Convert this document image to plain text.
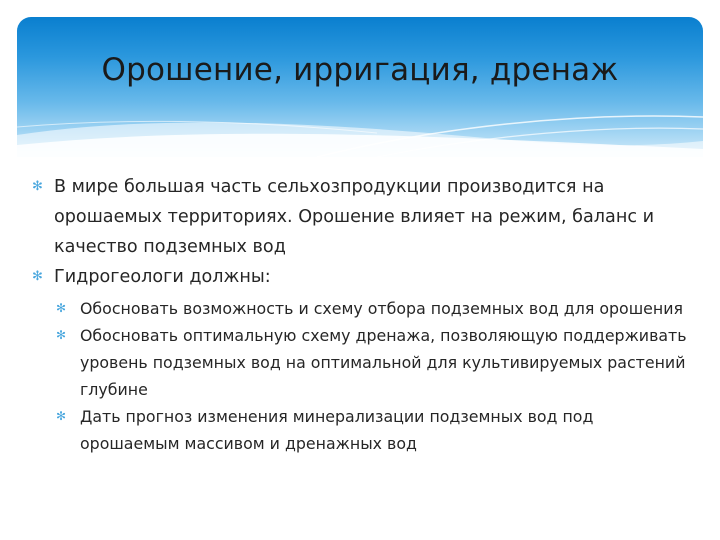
Орошение, ирригация, дренаж
✻ В мире большая часть сельхозпродукции производится на орошаемых территориях. Орошение влияет на режим, баланс и качество подземных вод
✻ Гидрогеологи должны:
✻ Обосновать возможность и схему отбора подземных вод для орошения
✻ Обосновать оптимальную схему дренажа, позволяющую поддерживать уровень подземных вод на оптимальной для культивируемых растений глубине
✻ Дать прогноз изменения минерализации подземных вод под орошаемым массивом и дренажных вод
